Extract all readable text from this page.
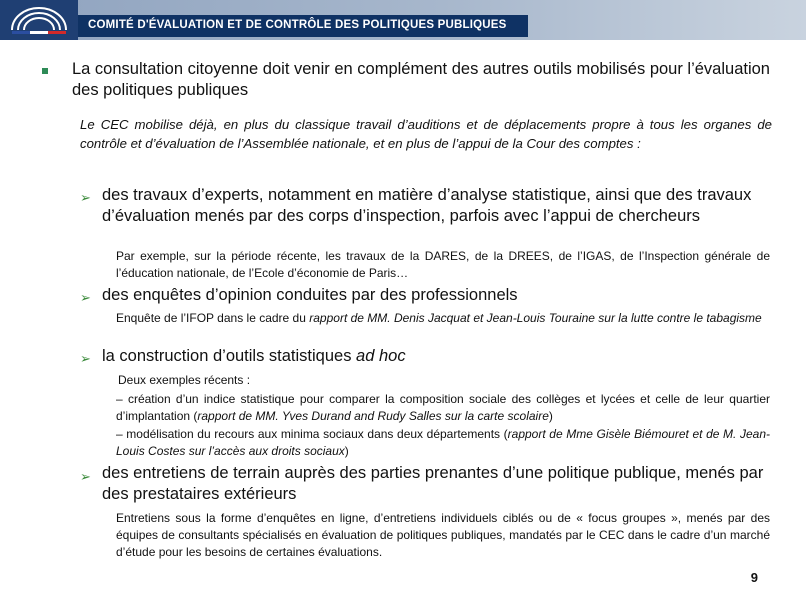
COMITÉ D'ÉVALUATION ET DE CONTRÔLE DES POLITIQUES PUBLIQUES
La consultation citoyenne doit venir en complément des autres outils mobilisés pour l’évaluation des politiques publiques
Le CEC mobilise déjà, en plus du classique travail d’auditions et de déplacements propre à tous les organes de contrôle et d’évaluation de l’Assemblée nationale, et en plus de l’appui de la Cour des comptes :
➢ des travaux d’experts, notamment en matière d’analyse statistique, ainsi que des travaux d’évaluation menés par des corps d’inspection, parfois avec l’appui de chercheurs
Par exemple, sur la période récente, les travaux de la DARES, de la DREES, de l’IGAS, de l’Inspection générale de l’éducation nationale, de l’Ecole d’économie de Paris…
➢ des enquêtes d’opinion conduites par des professionnels
Enquête de l’IFOP dans le cadre du rapport de MM. Denis Jacquat et Jean-Louis Touraine sur la lutte contre le tabagisme
➢ la construction d’outils statistiques ad hoc
Deux exemples récents :
– création d’un indice statistique pour comparer la composition sociale des collèges et lycées et celle de leur quartier d’implantation (rapport de MM. Yves Durand and Rudy Salles sur la carte scolaire)
– modélisation du recours aux minima sociaux dans deux départements (rapport de Mme Gisèle Biémouret et de M. Jean-Louis Costes sur l’accès aux droits sociaux)
➢ des entretiens de terrain auprès des parties prenantes d’une politique publique, menés par des prestataires extérieurs
Entretiens sous la forme d’enquêtes en ligne, d’entretiens individuels ciblés ou de « focus groupes », menés par des équipes de consultants spécialisés en évaluation de politiques publiques, mandatés par le CEC dans le cadre d’un marché d’étude pour les besoins de certaines évaluations.
9
